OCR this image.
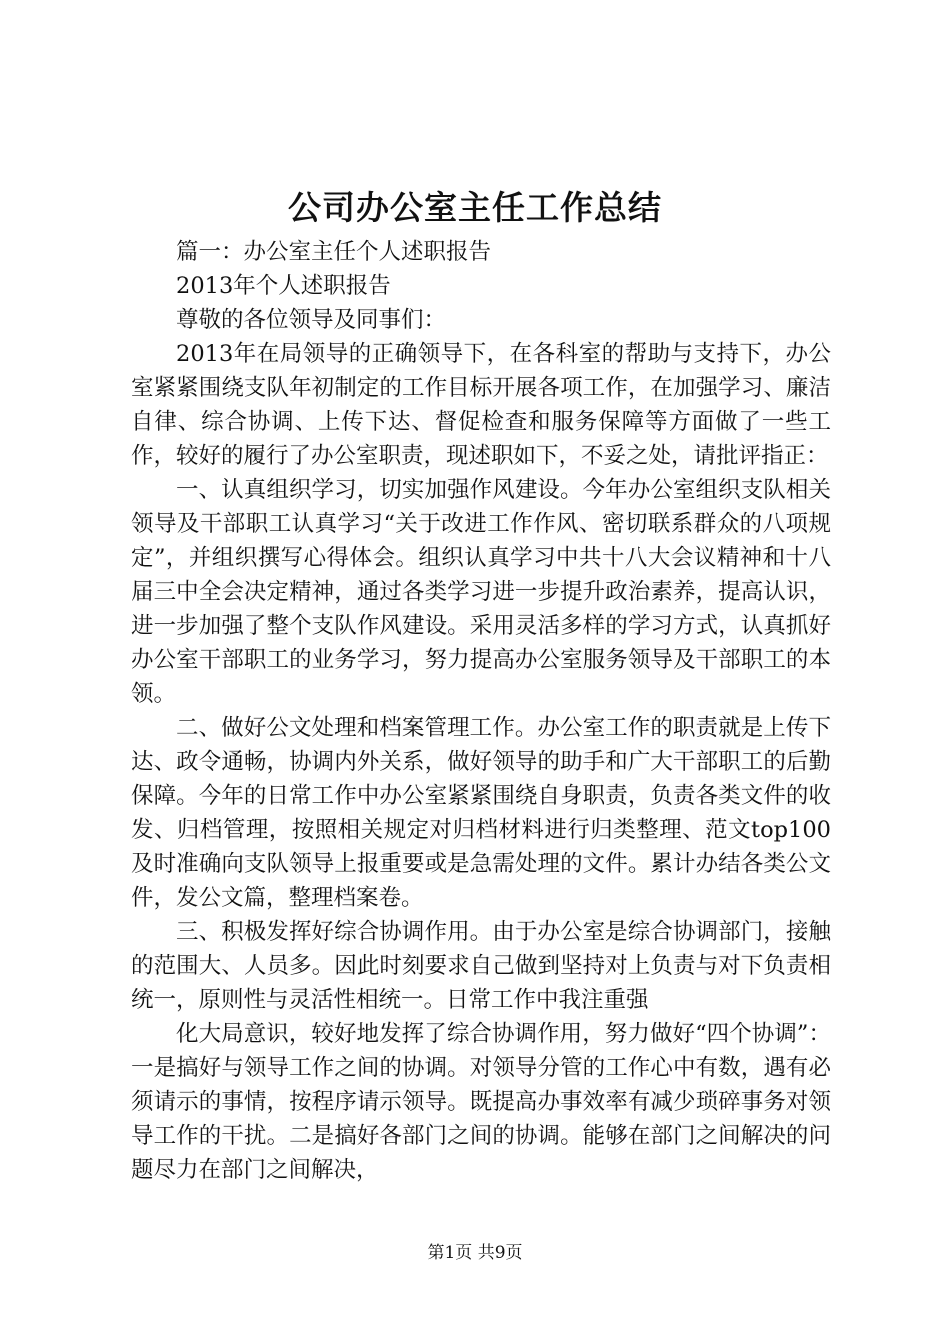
公司办公室主任工作总结

篇一：办公室主任个人述职报告

2013年个人述职报告

尊敬的各位领导及同事们：

2013年在局领导的正确领导下，在各科室的帮助与支持下，办公室紧紧围绕支队年初制定的工作目标开展各项工作，在加强学习、廉洁自律、综合协调、上传下达、督促检查和服务保障等方面做了一些工作，较好的履行了办公室职责，现述职如下，不妥之处，请批评指正：

一、认真组织学习，切实加强作风建设。今年办公室组织支队相关领导及干部职工认真学习“关于改进工作作风、密切联系群众的八项规定”，并组织撰写心得体会。组织认真学习中共十八大会议精神和十八届三中全会决定精神，通过各类学习进一步提升政治素养，提高认识，进一步加强了整个支队作风建设。采用灵活多样的学习方式，认真抓好办公室干部职工的业务学习，努力提高办公室服务领导及干部职工的本领。

二、做好公文处理和档案管理工作。办公室工作的职责就是上传下达、政令通畅，协调内外关系，做好领导的助手和广大干部职工的后勤保障。今年的日常工作中办公室紧紧围绕自身职责，负责各类文件的收发、归档管理，按照相关规定对归档材料进行归类整理、范文top100及时准确向支队领导上报重要或是急需处理的文件。累计办结各类公文件，发公文篇，整理档案卷。

三、积极发挥好综合协调作用。由于办公室是综合协调部门，接触的范围大、人员多。因此时刻要求自己做到坚持对上负责与对下负责相统一，原则性与灵活性相统一。日常工作中我注重强

化大局意识，较好地发挥了综合协调作用，努力做好“四个协调”：一是搞好与领导工作之间的协调。对领导分管的工作心中有数，遇有必须请示的事情，按程序请示领导。既提高办事效率有减少琐碎事务对领导工作的干扰。二是搞好各部门之间的协调。能够在部门之间解决的问题尽力在部门之间解决，

第1页 共9页
